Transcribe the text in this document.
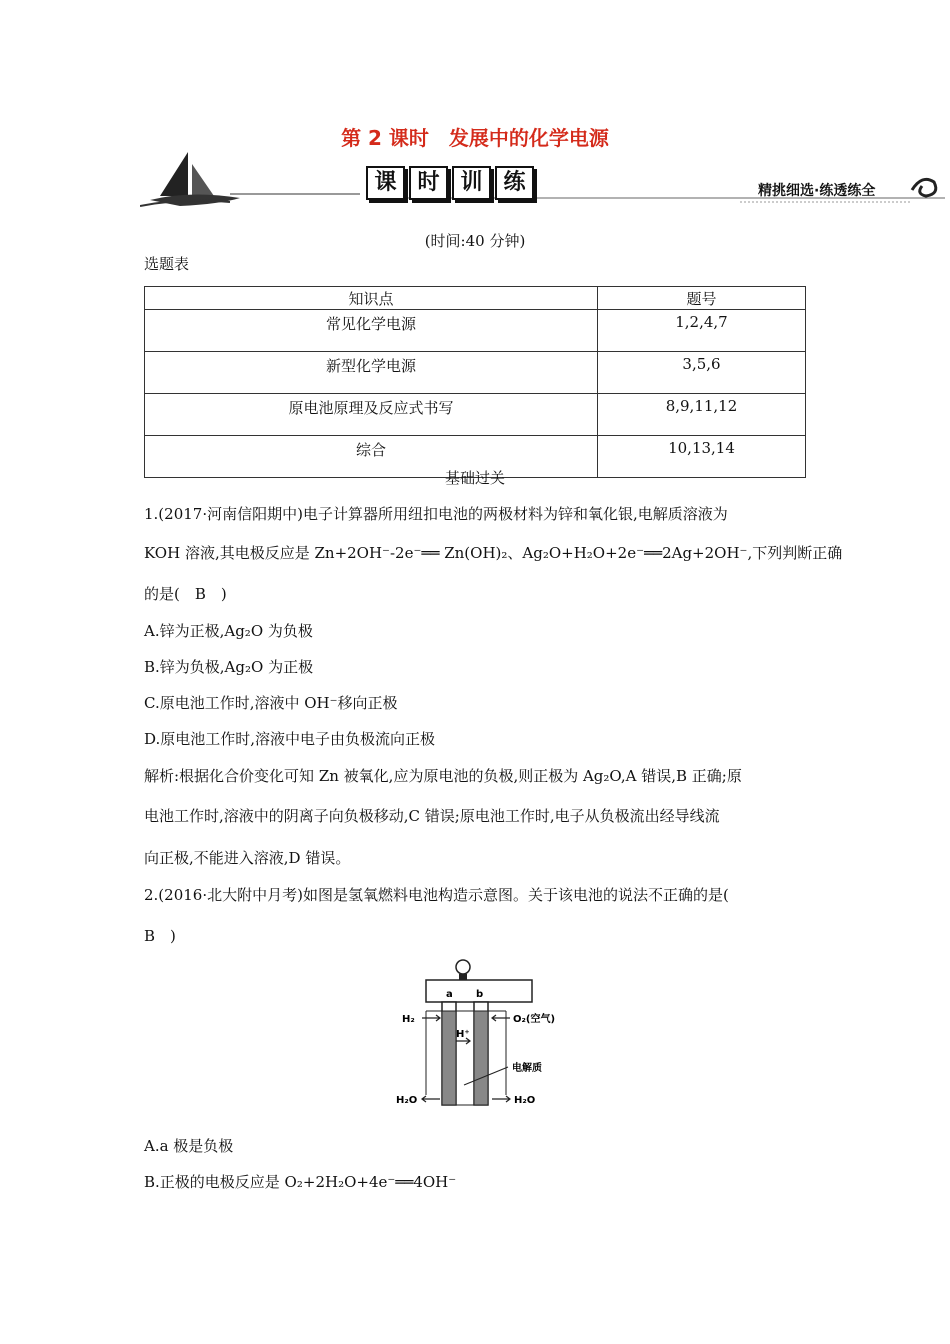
第 2 课时　发展中的化学电源
课 时 训 练	精挑细选·练透练全
(时间:40 分钟)
选题表
知识点	题号
常见化学电源	1,2,4,7
新型化学电源	3,5,6
原电池原理及反应式书写	8,9,11,12
综合	10,13,14
基础过关
1.(2017·河南信阳期中)电子计算器所用纽扣电池的两极材料为锌和氧化银,电解质溶液为
KOH 溶液,其电极反应是 Zn+2OH⁻-2e⁻══ Zn(OH)₂、Ag₂O+H₂O+2e⁻══2Ag+2OH⁻,下列判断正确
的是(　B　)
A.锌为正极,Ag₂O 为负极
B.锌为负极,Ag₂O 为正极
C.原电池工作时,溶液中 OH⁻移向正极
D.原电池工作时,溶液中电子由负极流向正极
解析:根据化合价变化可知 Zn 被氧化,应为原电池的负极,则正极为 Ag₂O,A 错误,B 正确;原
电池工作时,溶液中的阴离子向负极移动,C 错误;原电池工作时,电子从负极流出经导线流
向正极,不能进入溶液,D 错误。
2.(2016·北大附中月考)如图是氢氧燃料电池构造示意图。关于该电池的说法不正确的是(
B　)
a b
H₂	O₂(空气)
H⁺
电解质
H₂O	H₂O
A.a 极是负极
B.正极的电极反应是 O₂+2H₂O+4e⁻══4OH⁻
